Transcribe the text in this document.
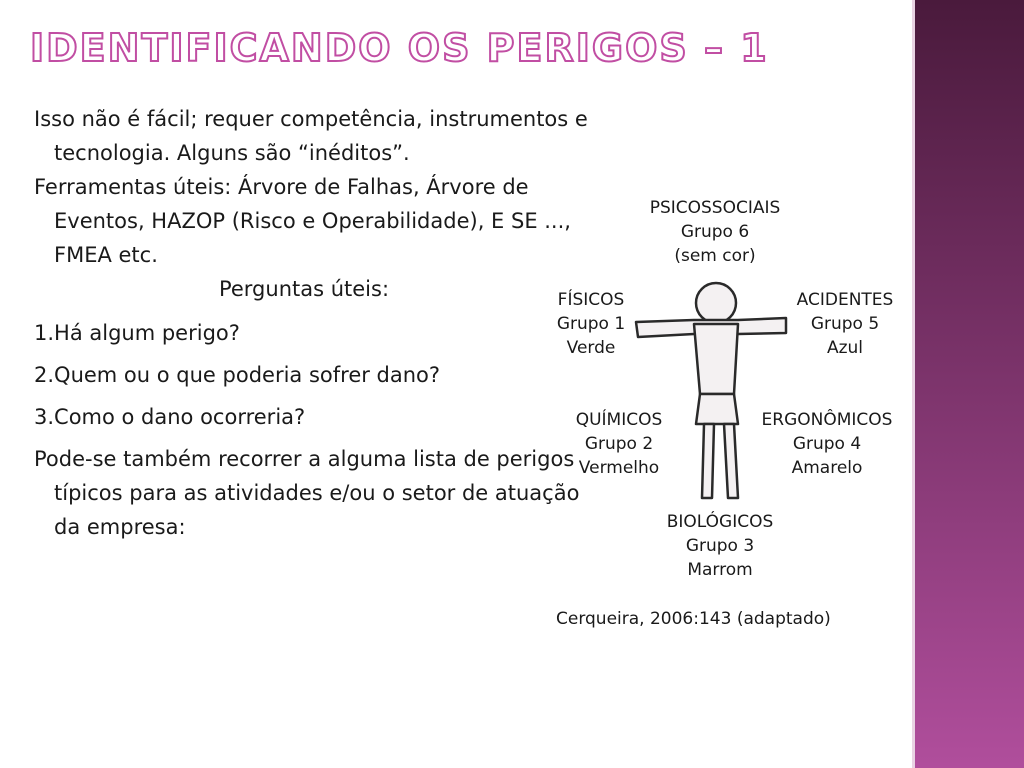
IDENTIFICANDO OS PERIGOS – 1

Isso não é fácil; requer competência, instrumentos e tecnologia. Alguns são “inéditos”.

Ferramentas úteis: Árvore de Falhas, Árvore de Eventos, HAZOP (Risco e Operabilidade), E SE ..., FMEA etc.

Perguntas úteis:

1.Há algum perigo?

2.Quem ou o que poderia sofrer dano?

3.Como o dano ocorreria?

Pode-se também recorrer a alguma lista de perigos típicos para as atividades e/ou o setor de atuação da empresa:

PSICOSSOCIAIS
Grupo 6
(sem cor)
FÍSICOS
Grupo 1
Verde
ACIDENTES
Grupo 5
Azul
QUÍMICOS
Grupo 2
Vermelho
ERGONÔMICOS
Grupo 4
Amarelo
BIOLÓGICOS
Grupo 3
Marrom
Cerqueira, 2006:143 (adaptado)
